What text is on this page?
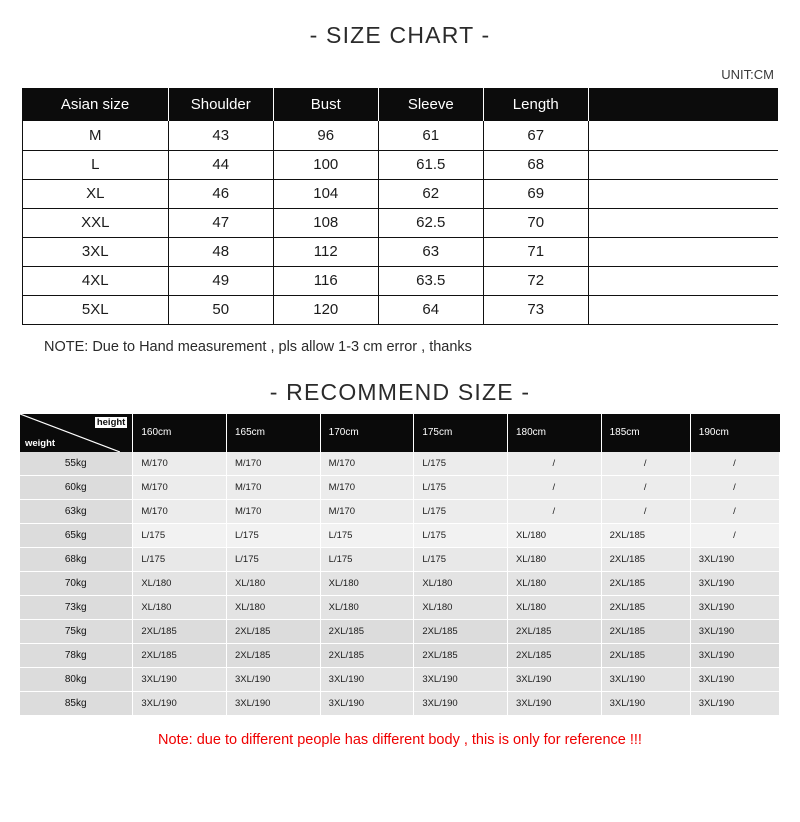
- SIZE CHART -
UNIT:CM
Asian size	Shoulder	Bust	Sleeve	Length	
M	43	96	61	67	
L	44	100	61.5	68	
XL	46	104	62	69	
XXL	47	108	62.5	70	
3XL	48	112	63	71	
4XL	49	116	63.5	72	
5XL	50	120	64	73	
NOTE: Due to Hand measurement , pls allow 1-3 cm error , thanks
- RECOMMEND SIZE -
height
weight	160cm	165cm	170cm	175cm	180cm	185cm	190cm
55kg	M/170	M/170	M/170	L/175	/	/	/
60kg	M/170	M/170	M/170	L/175	/	/	/
63kg	M/170	M/170	M/170	L/175	/	/	/
65kg	L/175	L/175	L/175	L/175	XL/180	2XL/185	/
68kg	L/175	L/175	L/175	L/175	XL/180	2XL/185	3XL/190
70kg	XL/180	XL/180	XL/180	XL/180	XL/180	2XL/185	3XL/190
73kg	XL/180	XL/180	XL/180	XL/180	XL/180	2XL/185	3XL/190
75kg	2XL/185	2XL/185	2XL/185	2XL/185	2XL/185	2XL/185	3XL/190
78kg	2XL/185	2XL/185	2XL/185	2XL/185	2XL/185	2XL/185	3XL/190
80kg	3XL/190	3XL/190	3XL/190	3XL/190	3XL/190	3XL/190	3XL/190
85kg	3XL/190	3XL/190	3XL/190	3XL/190	3XL/190	3XL/190	3XL/190
Note: due to different people has different body , this is only for reference !!!
